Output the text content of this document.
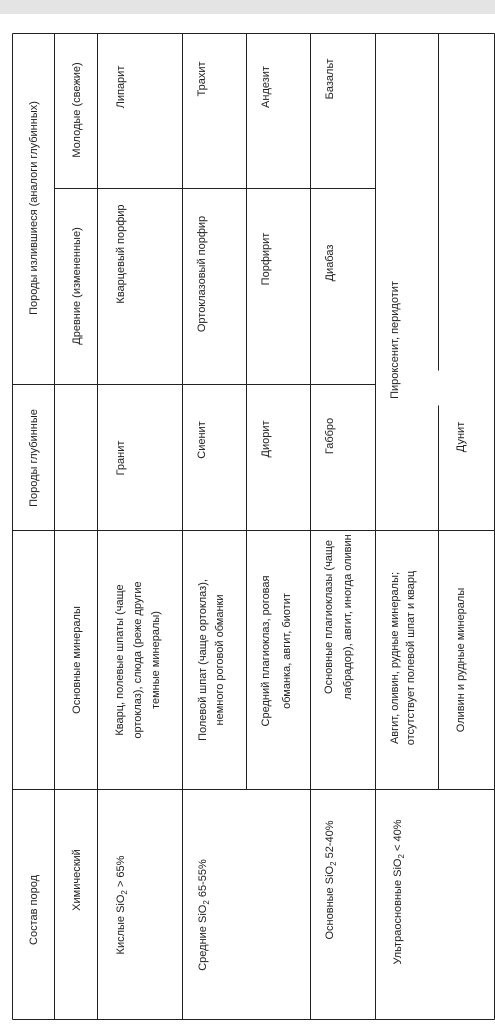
Состав пород	Химический
Основные минералы
Породы глубинные
Породы излившиеся (аналоги глубинных)	Древние (измененные)
Молодые (свежие)
Кислые SiO$_2$ > 65%
Кварц, полевые шпаты (чаще ортоклаз), слюда (реже другие темные минералы)
Гранит
Кварцевый порфир
Липарит
Средние SiO$_2$ 65-55%
Полевой шпат (чаще ортоклаз), немного роговой обманки
Сиенит
Ортоклазовый порфир
Трахит
Средний плагиоклаз, роговая обманка, авгит, биотит
Диорит
Порфирит
Андезит
Основные SiO$_2$ 52-40%
Основные плагиоклазы (чаще лабрадор), авгит, иногда оливин
Габбро
Диабаз
Базальт
Ультраосновные SiO$_2$ < 40%
Авгит, оливин, рудные минералы; отсутствует полевой шпат и кварц
Пироксенит, перидотит
Оливин и рудные минералы
Дунит
